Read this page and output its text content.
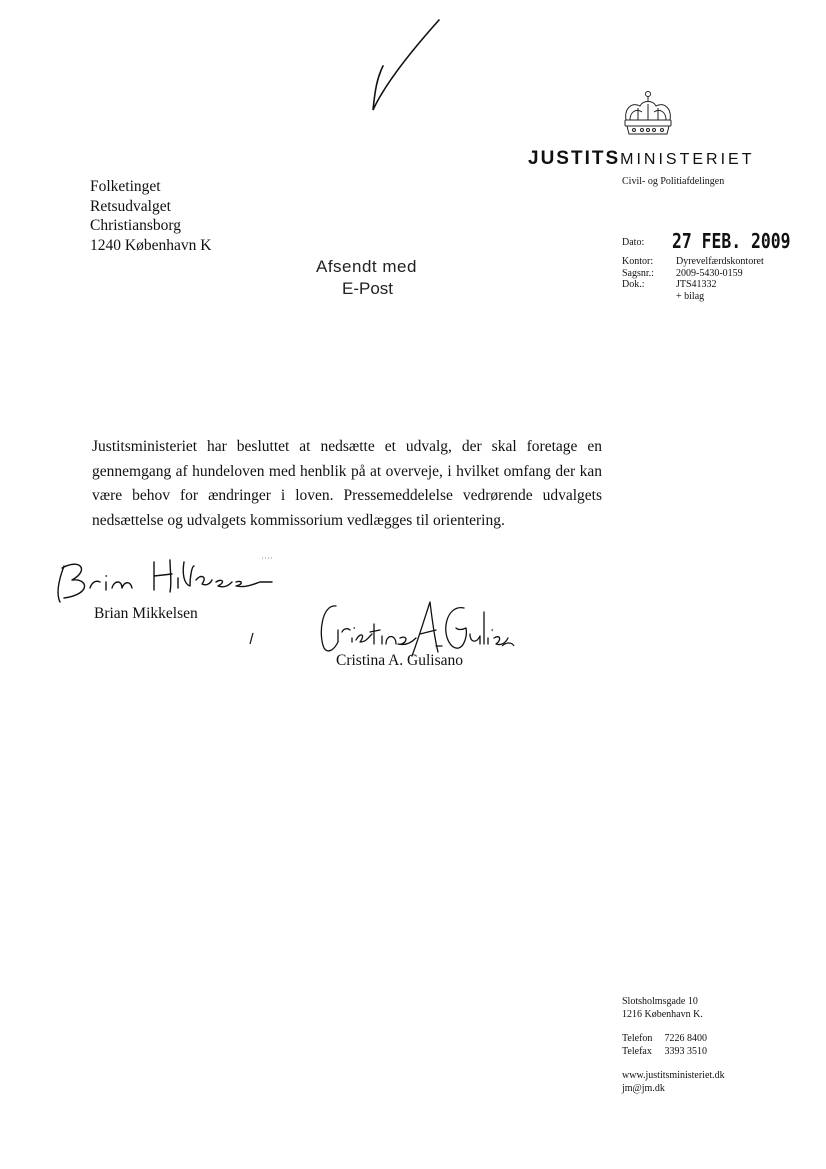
JUSTITSMINISTERIET
Civil- og Politiafdelingen
Folketinget
Retsudvalget
Christiansborg
1240 København K
Afsendt med
E-Post
27 FEB. 2009
Dato:
Kontor: Dyrevelfærdskontoret
Sagsnr.: 2009-5430-0159
Dok.:	JTS41332
+ bilag
Justitsministeriet har besluttet at nedsætte et udvalg, der skal foretage en gennemgang af hundeloven med henblik på at overveje, i hvilket omfang der kan være behov for ændringer i loven. Pressemeddelelse vedrørende udvalgets nedsættelse og udvalgets kommissorium vedlægges til orientering.
Brian Mikkelsen
Cristina A. Gulisano
Slotsholmsgade 10
1216 København K.
Telefon 7226 8400
Telefax 3393 3510
www.justitsministeriet.dk
jm@jm.dk
